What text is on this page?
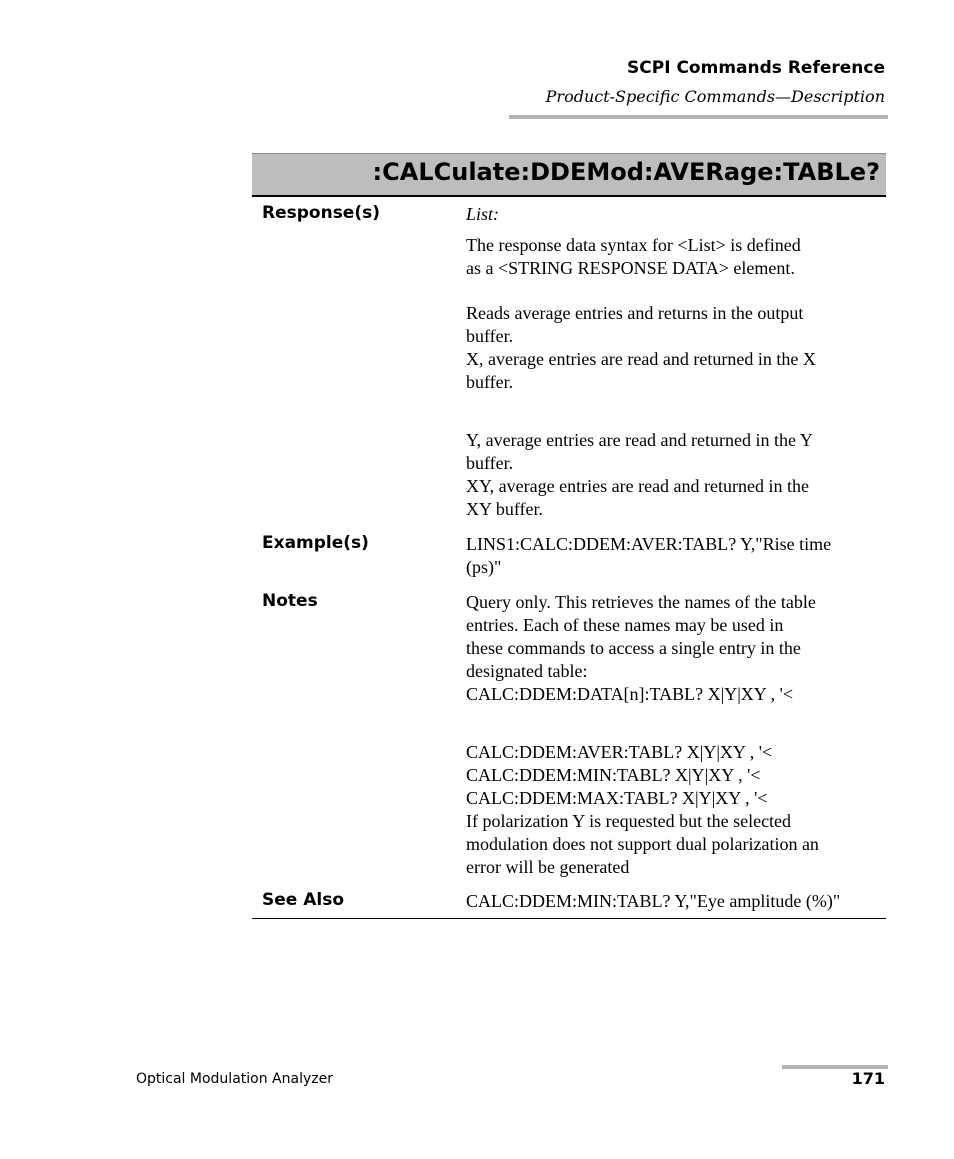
SCPI Commands Reference
Product-Specific Commands—Description
:CALCulate:DDEMod:AVERage:TABLe?
Response(s)	List:
The response data syntax for <List> is defined
as a <STRING RESPONSE DATA> element.
Reads average entries and returns in the output
buffer.
X, average entries are read and returned in the X
buffer.
Y, average entries are read and returned in the Y
buffer.
XY, average entries are read and returned in the
XY buffer.
Example(s)	LINS1:CALC:DDEM:AVER:TABL? Y,"Rise time
(ps)"
Notes	Query only. This retrieves the names of the table
entries. Each of these names may be used in
these commands to access a single entry in the
designated table:
CALC:DDEM:DATA[n]:TABL? X|Y|XY , '<
CALC:DDEM:AVER:TABL? X|Y|XY , '<
CALC:DDEM:MIN:TABL? X|Y|XY , '<
CALC:DDEM:MAX:TABL? X|Y|XY , '<
If polarization Y is requested but the selected
modulation does not support dual polarization an
error will be generated
See Also	CALC:DDEM:MIN:TABL? Y,"Eye amplitude (%)"
Optical Modulation Analyzer	171
